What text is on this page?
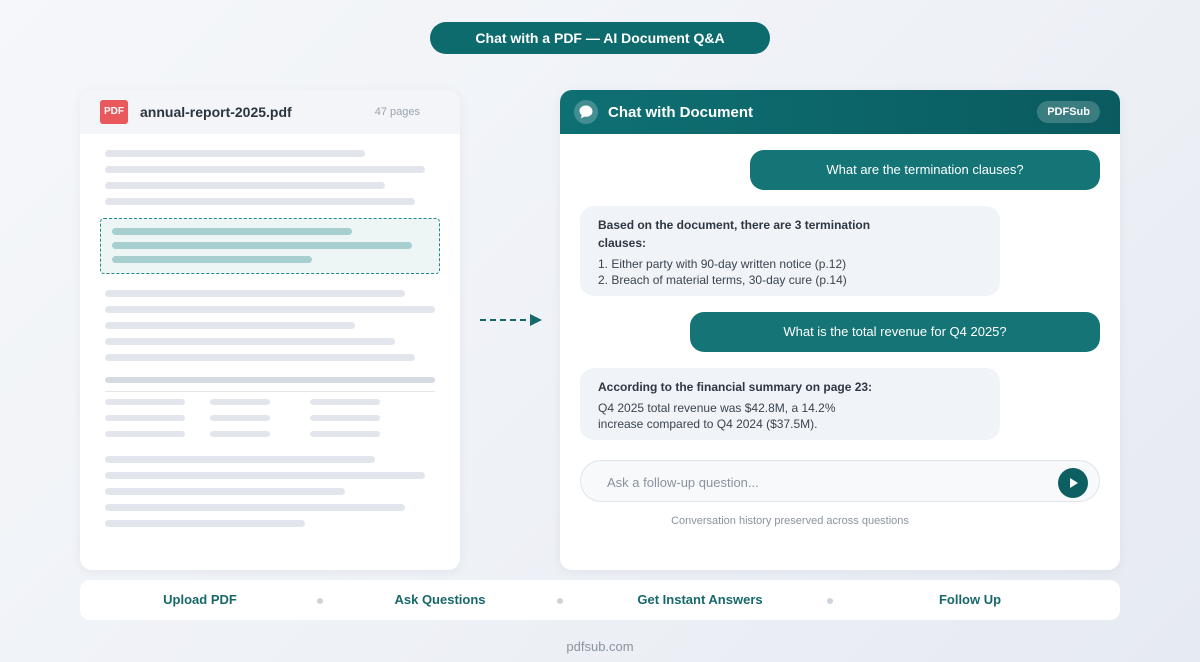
Chat with a PDF — AI Document Q&A
PDF annual-report-2025.pdf	47 pages	Chat with Document	PDFSub
What are the termination clauses?
Based on the document, there are 3 termination clauses:
1. Either party with 90-day written notice (p.12)
2. Breach of material terms, 30-day cure (p.14)
What is the total revenue for Q4 2025?
According to the financial summary on page 23:
Q4 2025 total revenue was $42.8M, a 14.2%
increase compared to Q4 2024 ($37.5M).
Ask a follow-up question...
Conversation history preserved across questions
Upload PDF	Ask Questions	Get Instant Answers	Follow Up
pdfsub.com
